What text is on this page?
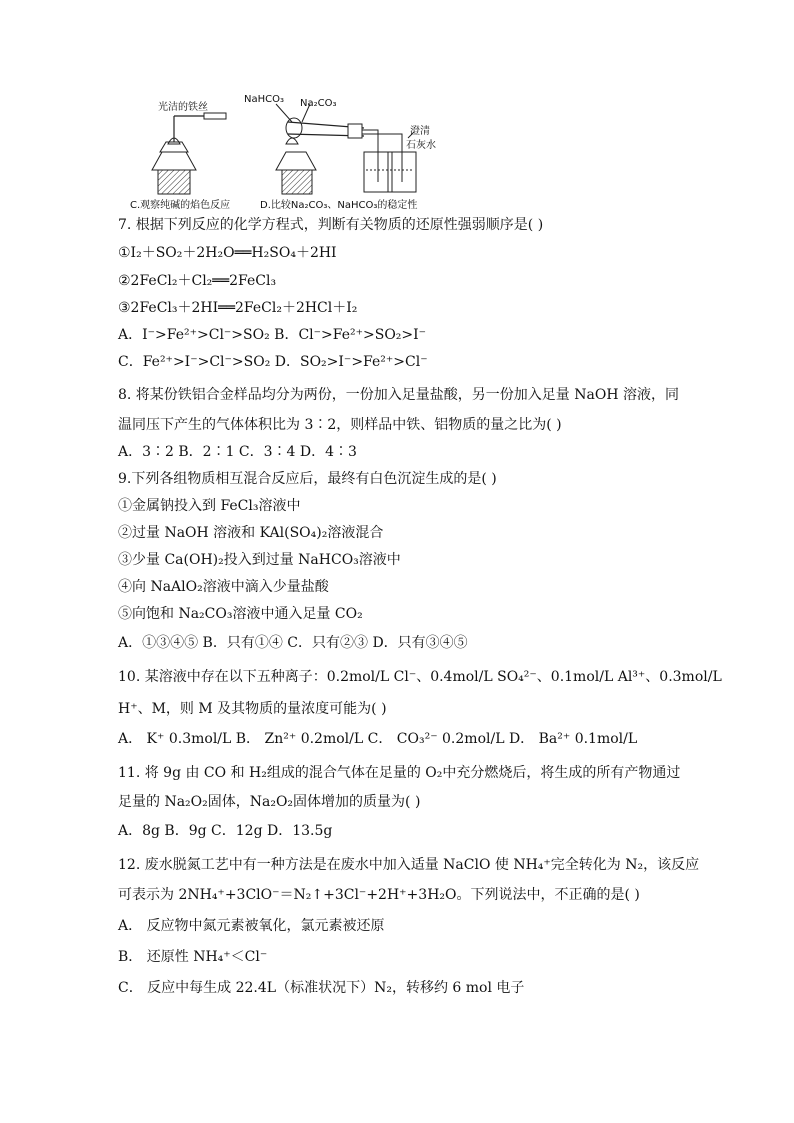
光洁的铁丝
NaHCO₃ Na₂CO₃
澄清
石灰水
C.观察纯碱的焰色反应	D.比较Na₂CO₃、NaHCO₃的稳定性
7. 根据下列反应的化学方程式，判断有关物质的还原性强弱顺序是( )
①I₂＋SO₂＋2H₂O══H₂SO₄＋2HI
②2FeCl₂＋Cl₂══2FeCl₃
③2FeCl₃＋2HI══2FeCl₂＋2HCl＋I₂
A．I⁻>Fe²⁺>Cl⁻>SO₂ B．Cl⁻>Fe²⁺>SO₂>I⁻
C．Fe²⁺>I⁻>Cl⁻>SO₂ D．SO₂>I⁻>Fe²⁺>Cl⁻
8. 将某份铁铝合金样品均分为两份，一份加入足量盐酸，另一份加入足量 NaOH 溶液，同
温同压下产生的气体体积比为 3∶2，则样品中铁、铝物质的量之比为( )
A．3∶2 B．2∶1 C．3∶4 D．4∶3
9.下列各组物质相互混合反应后，最终有白色沉淀生成的是( )
①金属钠投入到 FeCl₃溶液中
②过量 NaOH 溶液和 KAl(SO₄)₂溶液混合
③少量 Ca(OH)₂投入到过量 NaHCO₃溶液中
④向 NaAlO₂溶液中滴入少量盐酸
⑤向饱和 Na₂CO₃溶液中通入足量 CO₂
A．①③④⑤ B．只有①④ C．只有②③ D．只有③④⑤
10. 某溶液中存在以下五种离子：0.2mol/L Cl⁻、0.4mol/L SO₄²⁻、0.1mol/L Al³⁺、0.3mol/L
H⁺、M，则 M 及其物质的量浓度可能为( )
A． K⁺ 0.3mol/L B． Zn²⁺ 0.2mol/L C． CO₃²⁻ 0.2mol/L D． Ba²⁺ 0.1mol/L
11. 将 9g 由 CO 和 H₂组成的混合气体在足量的 O₂中充分燃烧后，将生成的所有产物通过
足量的 Na₂O₂固体，Na₂O₂固体增加的质量为( )
A．8g B．9g C．12g D．13.5g
12. 废水脱氮工艺中有一种方法是在废水中加入适量 NaClO 使 NH₄⁺完全转化为 N₂，该反应
可表示为 2NH₄⁺+3ClO⁻＝N₂↑+3Cl⁻+2H⁺+3H₂O。下列说法中，不正确的是( )
A． 反应物中氮元素被氧化，氯元素被还原
B． 还原性 NH₄⁺＜Cl⁻
C． 反应中每生成 22.4L（标准状况下）N₂，转移约 6 mol 电子
